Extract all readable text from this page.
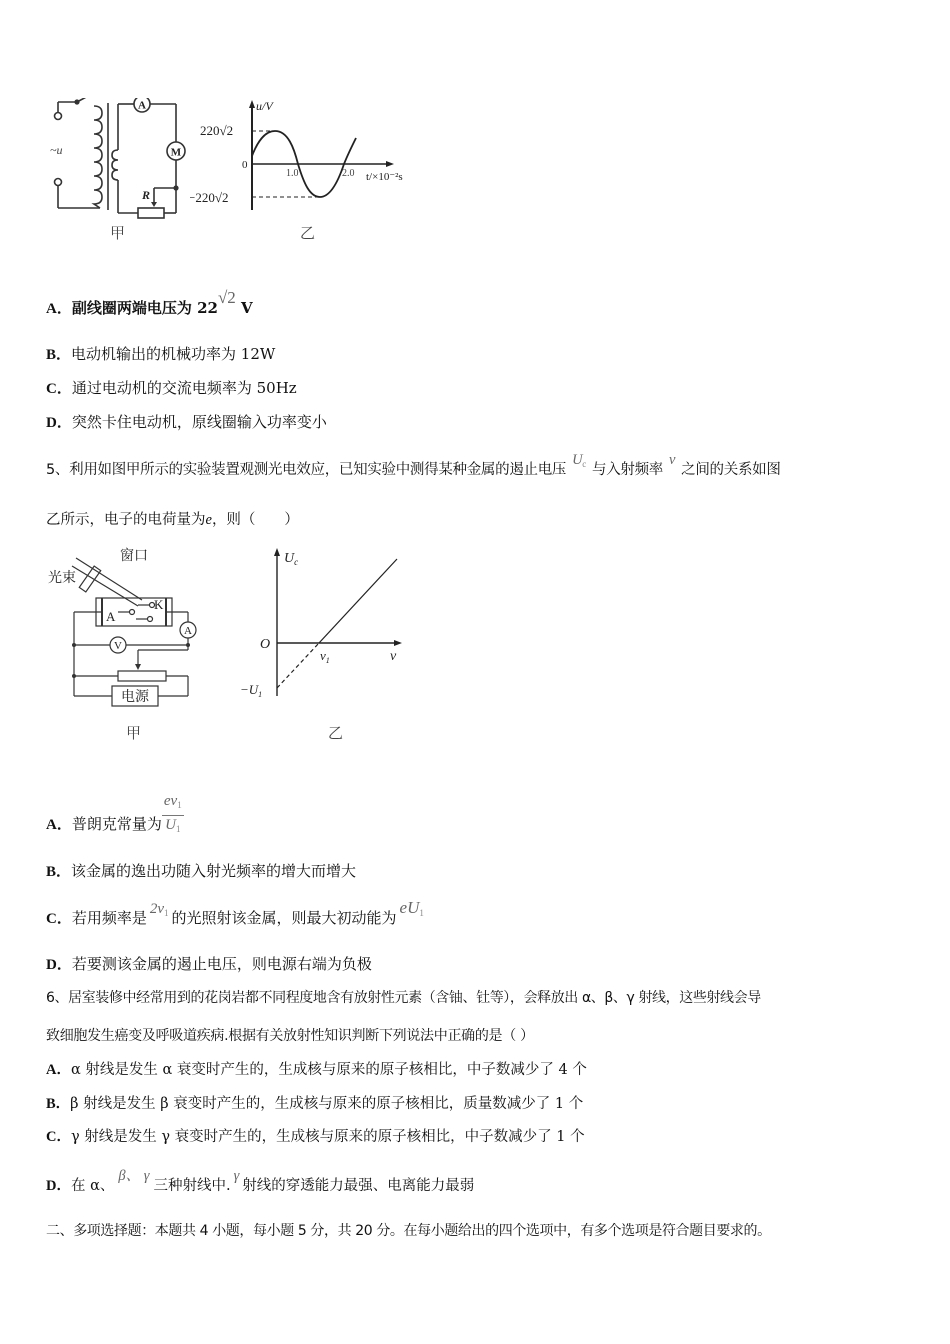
A
M
R
~u
甲
u/V
220√2
−220√2
0
1.0	2.0 t/×10⁻²s
乙
A．副线圈两端电压为 22√2 V
B．电动机输出的机械功率为 12W
C．通过电动机的交流电频率为 50Hz
D．突然卡住电动机，原线圈输入功率变小
5、利用如图甲所示的实验装置观测光电效应，已知实验中测得某种金属的遏止电压$U_c$ 与入射频率ν之间的关系如图
乙所示，电子的电荷量为e，则（　　）
窗口
光束
K
A
A
V
电源
甲
$U_c$
O
$\nu_1$	ν
$-U_1$
乙
A．普朗克常量为 $\frac{e\nu_1}{U_1}$
B．该金属的逸出功随入射光频率的增大而增大
C．若用频率是 $2\nu_1$ 的光照射该金属，则最大初动能为$eU_1$
D．若要测该金属的遏止电压，则电源右端为负极
6、居室装修中经常用到的花岗岩都不同程度地含有放射性元素（含铀、钍等），会释放出 α、β、γ 射线，这些射线会导
致细胞发生癌变及呼吸道疾病.根据有关放射性知识判断下列说法中正确的是（ ）
A．α 射线是发生 α 衰变时产生的，生成核与原来的原子核相比，中子数减少了 4 个
B．β 射线是发生 β 衰变时产生的，生成核与原来的原子核相比，质量数减少了 1 个
C．γ 射线是发生 γ 衰变时产生的，生成核与原来的原子核相比，中子数减少了 1 个
D．在 α、β、 γ三种射线中.γ射线的穿透能力最强、电离能力最弱
二、多项选择题：本题共 4 小题，每小题 5 分，共 20 分。在每小题给出的四个选项中，有多个选项是符合题目要求的。
